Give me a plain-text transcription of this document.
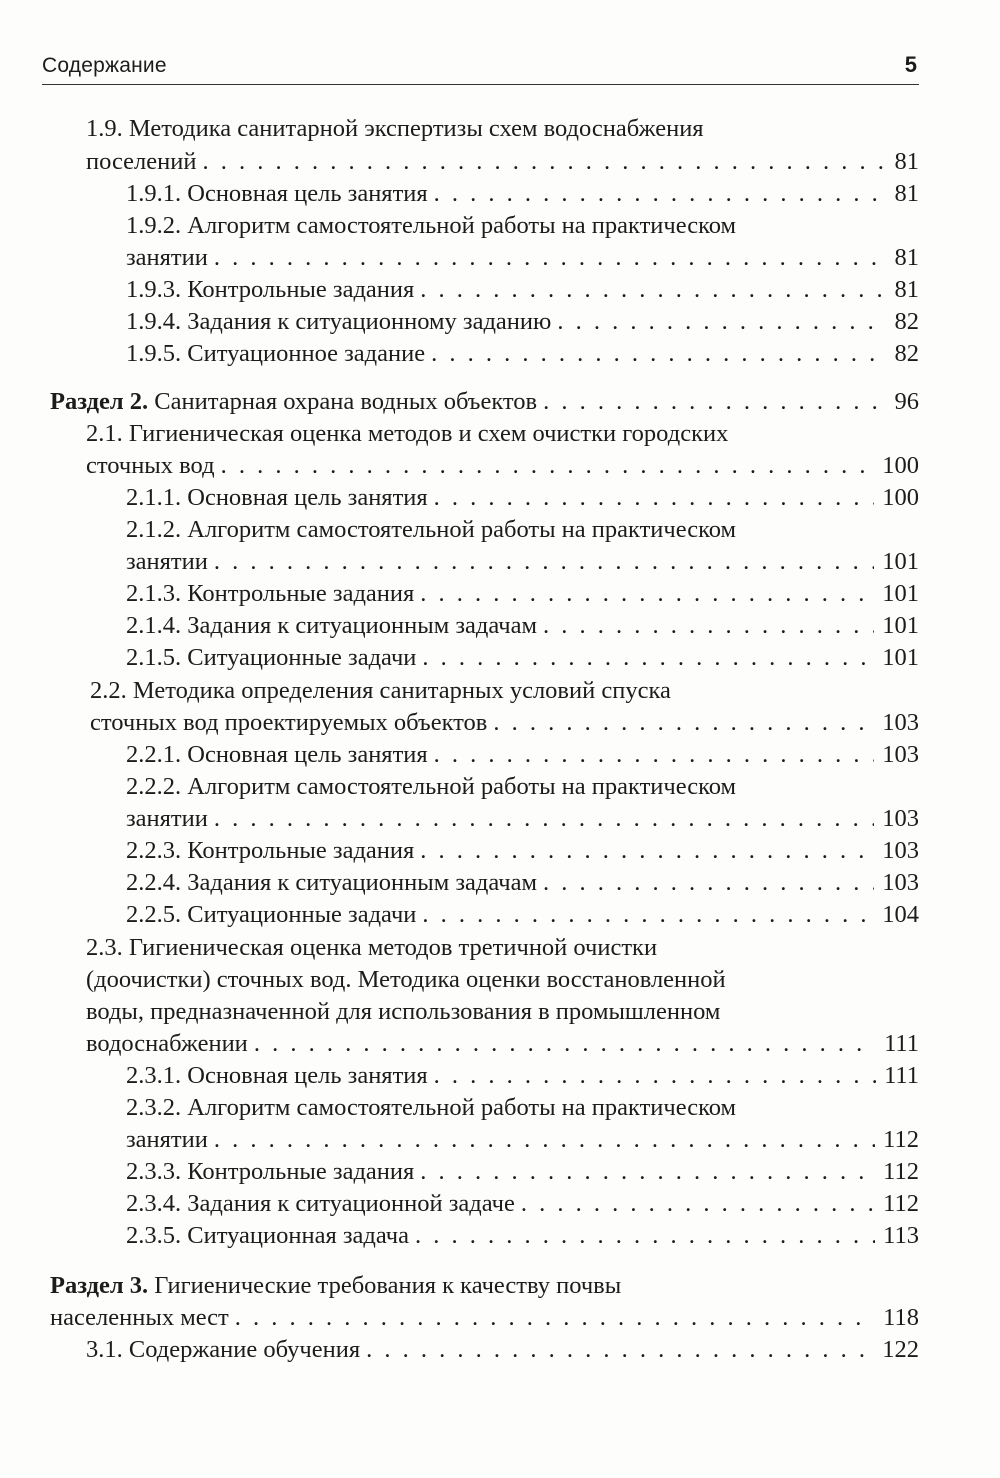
Содержание	5
1.9. Методика санитарной экспертизы схем водоснабжения
поселений . . .	81
1.9.1. Основная цель занятия . . .	81
1.9.2. Алгоритм самостоятельной работы на практическом
занятии . . .	81
1.9.3. Контрольные задания . . .	81
1.9.4. Задания к ситуационному заданию . . .	82
1.9.5. Ситуационное задание . . .	82
Раздел 2. Санитарная охрана водных объектов . . .	96
2.1. Гигиеническая оценка методов и схем очистки городских
сточных вод . . .	100
2.1.1. Основная цель занятия . . .	100
2.1.2. Алгоритм самостоятельной работы на практическом
занятии . . .	101
2.1.3. Контрольные задания . . .	101
2.1.4. Задания к ситуационным задачам . . .	101
2.1.5. Ситуационные задачи . . .	101
2.2. Методика определения санитарных условий спуска
сточных вод проектируемых объектов . . .	103
2.2.1. Основная цель занятия . . .	103
2.2.2. Алгоритм самостоятельной работы на практическом
занятии . . .	103
2.2.3. Контрольные задания . . .	103
2.2.4. Задания к ситуационным задачам . . .	103
2.2.5. Ситуационные задачи . . .	104
2.3. Гигиеническая оценка методов третичной очистки
(доочистки) сточных вод. Методика оценки восстановленной
воды, предназначенной для использования в промышленном
водоснабжении . . .	111
2.3.1. Основная цель занятия . . .	111
2.3.2. Алгоритм самостоятельной работы на практическом
занятии . . .	112
2.3.3. Контрольные задания . . .	112
2.3.4. Задания к ситуационной задаче . . .	112
2.3.5. Ситуационная задача . . .	113
Раздел 3. Гигиенические требования к качеству почвы
населенных мест . . .	118
3.1. Содержание обучения . . .	122
